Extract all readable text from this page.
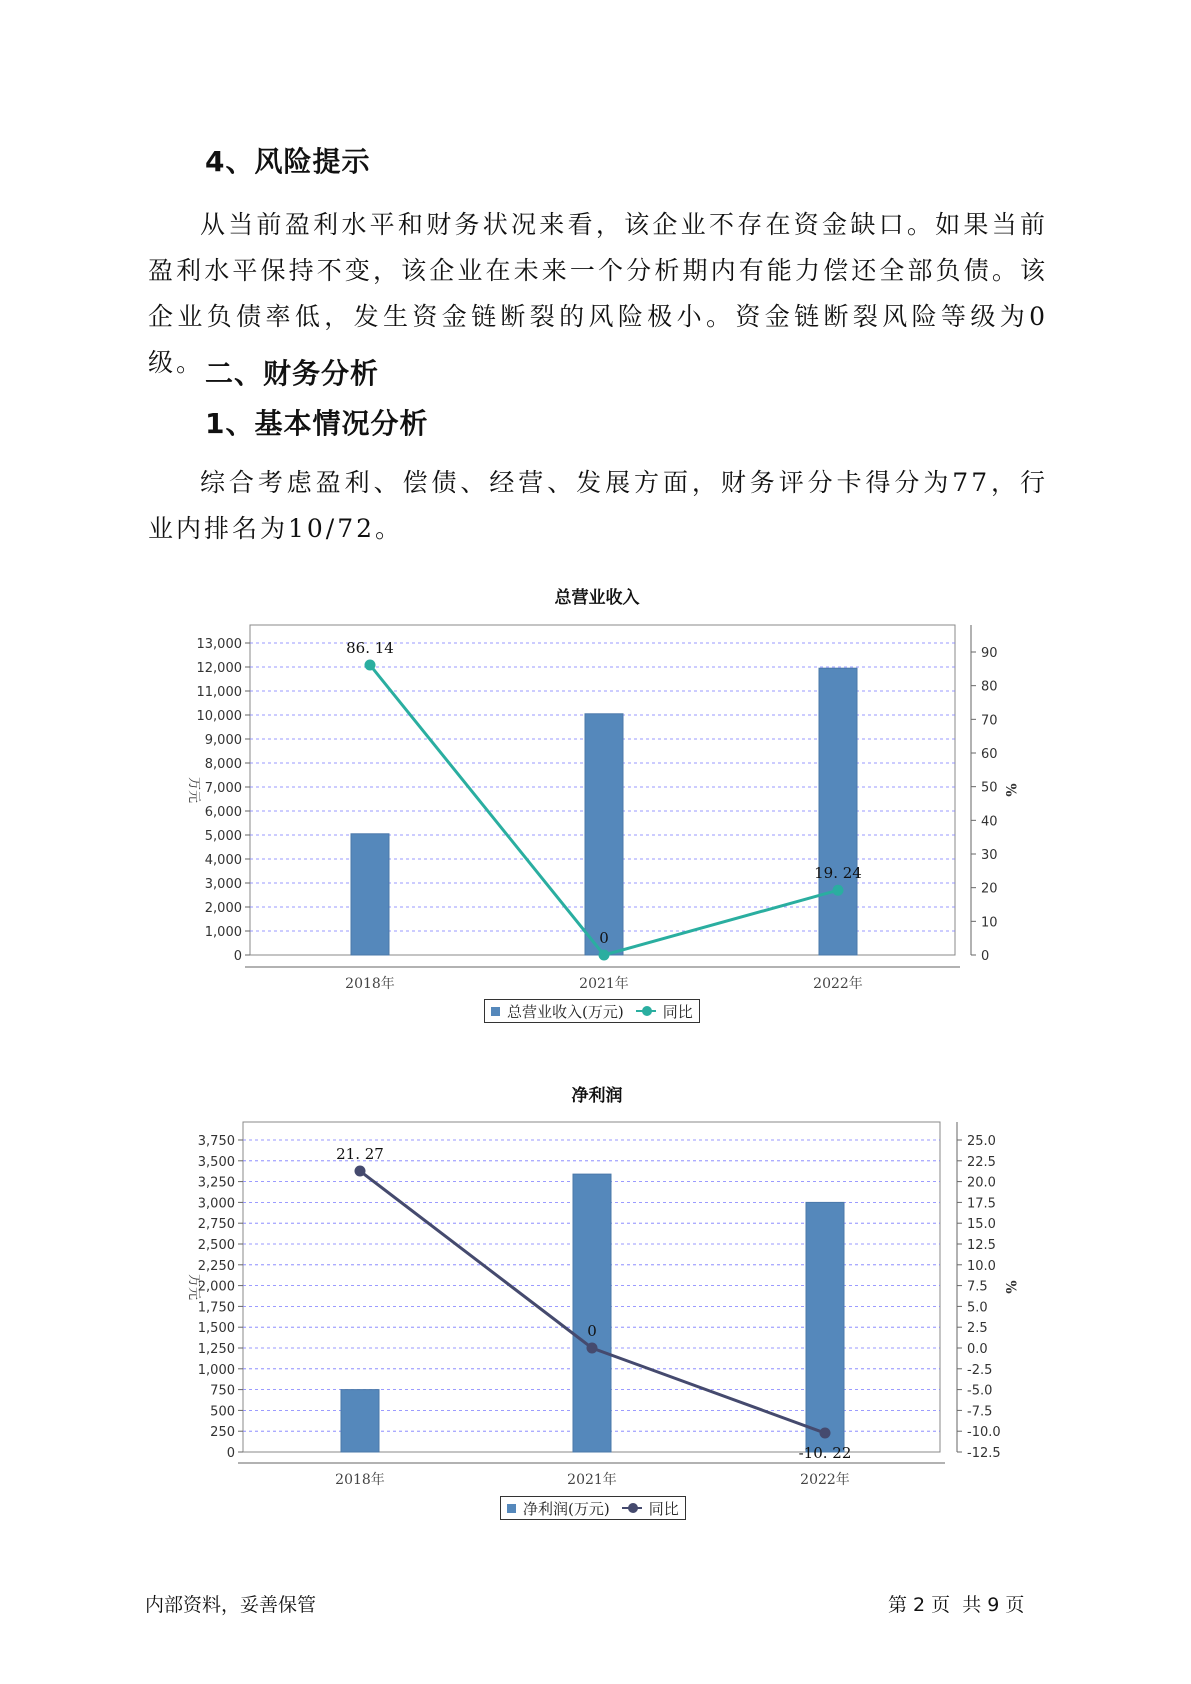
4、风险提示

从当前盈利水平和财务状况来看，该企业不存在资金缺口。如果当前盈利水平保持不变，该企业在未来一个分析期内有能力偿还全部负债。该企业负债率低，发生资金链断裂的风险极小。资金链断裂风险等级为0级。 二、财务分析
1、基本情况分析

综合考虑盈利、偿债、经营、发展方面，财务评分卡得分为77，行业内排名为10/72。

总营业收入
0
1,000
2,000
3,000
4,000
5,000
6,000
7,000
8,000
9,000
10,000
11,000
12,000
13,000
0
10
20
30
40
50
60
70
80
90
万元	%
2018年	2021年	2022年
86. 14
0
19. 24
总营业收入(万元)	同比
净利润
0
250
500
750
1,000
1,250
1,500
1,750
2,000
2,250
2,500
2,750
3,000
3,250
3,500
3,750
-12.5
-10.0
-7.5
-5.0
-2.5
0.0
2.5
5.0
7.5
10.0
12.5
15.0
17.5
20.0
22.5
25.0
万元	%
2018年	2021年	2022年
21. 27
0
-10. 22
净利润(万元)	同比
内部资料，妥善保管	第 2 页  共 9 页
